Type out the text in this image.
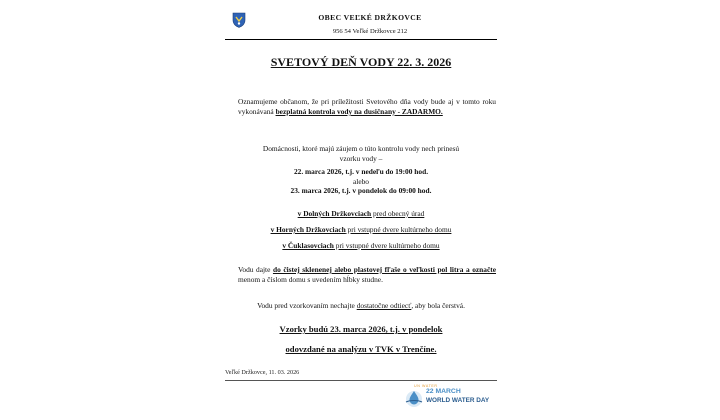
OBEC VEĽKÉ DRŽKOVCE
956 54 Veľké Držkovce 212
SVETOVÝ DEŇ VODY 22. 3. 2026
Oznamujeme občanom, že pri príležitosti Svetového dňa vody bude aj v tomto roku vykonávaná bezplatná kontrola vody na dusičnany - ZADARMO.
Domácnosti, ktoré majú záujem o túto kontrolu vody nech prinesú
vzorku vody –
22. marca 2026, t.j. v nedeľu do 19:00 hod.
alebo
23. marca 2026, t.j. v pondelok do 09:00 hod.
v Dolných Držkovciach pred obecný úrad
v Horných Držkovciach pri vstupné dvere kultúrneho domu
v Čuklasovciach pri vstupné dvere kultúrneho domu
Vodu dajte do čistej sklenenej alebo plastovej fľaše o veľkosti pol litra a označte menom a číslom domu s uvedením hĺbky studne.
Vodu pred vzorkovaním nechajte dostatočne odtiecť, aby bola čerstvá.
Vzorky budú 23. marca 2026, t.j. v pondelok
odovzdané na analýzu v TVK v Trenčíne.
Veľké Držkovce, 11. 03. 2026
UN WATER
22 MARCH
WORLD WATER DAY
